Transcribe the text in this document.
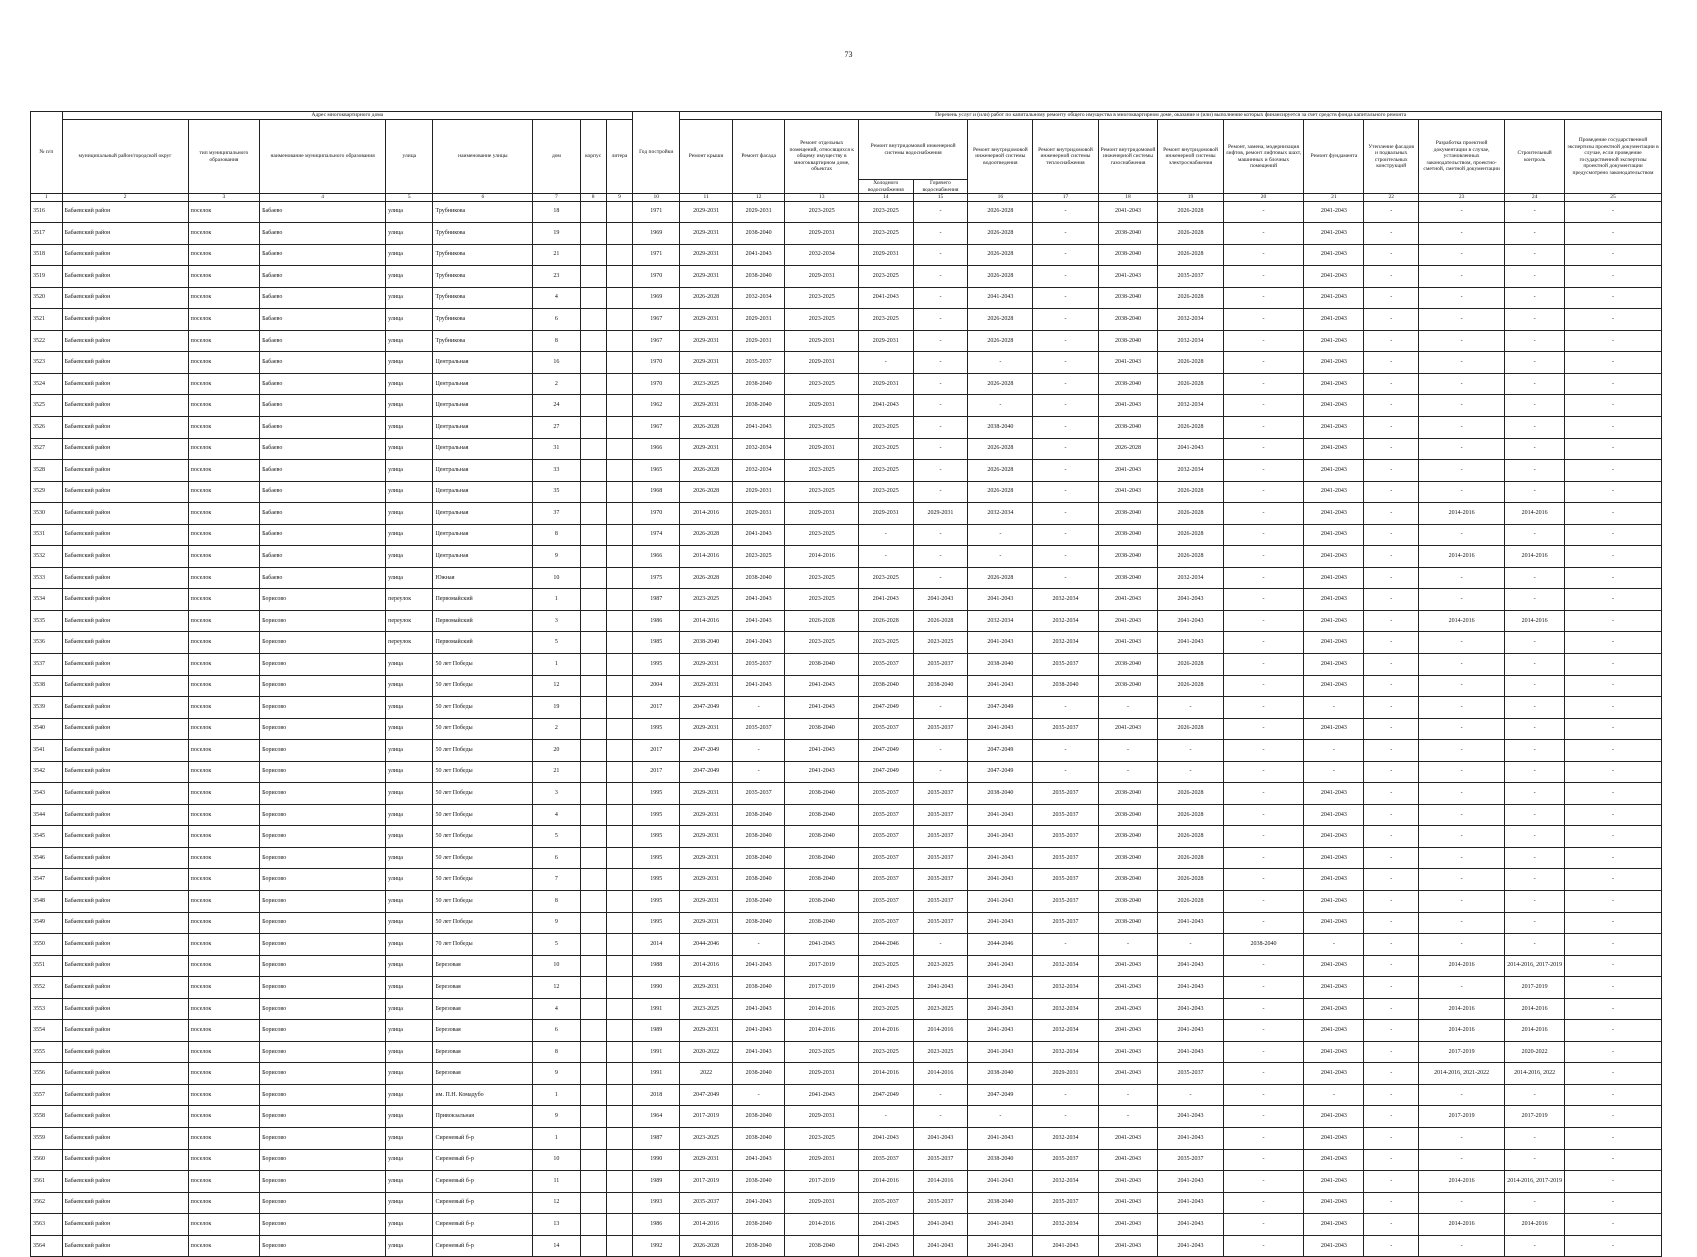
73
№ п/п	Адрес многоквартирного дома								Год постройки	Перечень услуг и (или) работ по капитальному ремонту общего имущества в многоквартирном доме, оказание и (или) выполнение которых финансируется за счет средств фонда капитального ремонта														
	муниципальный район/городской округ	тип муниципального образования	наименование муниципального образования	улица	наименование улицы	дом	корпус	литера		Ремонт крыши	Ремонт фасада	Ремонт отдельных помещений, относящихся к общему имуществу в многоквартирном доме, объектах	Ремонт внутридомовой инженерной системы водоснабжения		Ремонт внутридомовой инженерной системы водоотведения	Ремонт внутридомовой инженерной системы теплоснабжения	Ремонт внутридомовой инженерной системы газоснабжения	Ремонт внутридомовой инженерной системы электроснабжения	Ремонт, замена, модернизация лифтов, ремонт лифтовых шахт, машинных и блочных помещений	Ремонт фундамента	Утепление фасадов и подвальных строительных конструкций	Разработка проектной документации в случае, установленных законодательством, проектно-сметной, сметной документации	Строительный контроль	Проведение государственной экспертизы проектной документации в случае, если проведение государственной экспертизы проектной документации предусмотрено законодательством
													Холодного водоснабжения	Горячего водоснабжения										
1	2	3	4	5	6	7	8	9	10	11	12	13	14	15	16	17	18	19	20	21	22	23	24	25
3516	Бабаевский район	поселок	Бабаево	улица	Трубникова	18			1971	2029-2031	2029-2031	2023-2025	2023-2025	-	2026-2028	-	2041-2043	2026-2028	-	2041-2043	-	-	-	-
3517	Бабаевский район	поселок	Бабаево	улица	Трубникова	19			1969	2029-2031	2038-2040	2029-2031	2023-2025	-	2026-2028	-	2038-2040	2026-2028	-	2041-2043	-	-	-	-
3518	Бабаевский район	поселок	Бабаево	улица	Трубникова	21			1971	2029-2031	2041-2043	2032-2034	2029-2031	-	2026-2028	-	2038-2040	2026-2028	-	2041-2043	-	-	-	-
3519	Бабаевский район	поселок	Бабаево	улица	Трубникова	23			1970	2029-2031	2038-2040	2029-2031	2023-2025	-	2026-2028	-	2041-2043	2035-2037	-	2041-2043	-	-	-	-
3520	Бабаевский район	поселок	Бабаево	улица	Трубникова	4			1969	2026-2028	2032-2034	2023-2025	2041-2043	-	2041-2043	-	2038-2040	2026-2028	-	2041-2043	-	-	-	-
3521	Бабаевский район	поселок	Бабаево	улица	Трубникова	6			1967	2029-2031	2029-2031	2023-2025	2023-2025	-	2026-2028	-	2038-2040	2032-2034	-	2041-2043	-	-	-	-
3522	Бабаевский район	поселок	Бабаево	улица	Трубникова	8			1967	2029-2031	2029-2031	2029-2031	2029-2031	-	2026-2028	-	2038-2040	2032-2034	-	2041-2043	-	-	-	-
3523	Бабаевский район	поселок	Бабаево	улица	Центральная	16			1970	2029-2031	2035-2037	2029-2031	-	-	-	-	2041-2043	2026-2028	-	2041-2043	-	-	-	-
3524	Бабаевский район	поселок	Бабаево	улица	Центральная	2			1970	2023-2025	2038-2040	2023-2025	2029-2031	-	2026-2028	-	2038-2040	2026-2028	-	2041-2043	-	-	-	-
3525	Бабаевский район	поселок	Бабаево	улица	Центральная	24			1962	2029-2031	2038-2040	2029-2031	2041-2043	-	-	-	2041-2043	2032-2034	-	2041-2043	-	-	-	-
3526	Бабаевский район	поселок	Бабаево	улица	Центральная	27			1967	2026-2028	2041-2043	2023-2025	2023-2025	-	2038-2040	-	2038-2040	2026-2028	-	2041-2043	-	-	-	-
3527	Бабаевский район	поселок	Бабаево	улица	Центральная	31			1966	2029-2031	2032-2034	2029-2031	2023-2025	-	2026-2028	-	2026-2028	2041-2043	-	2041-2043	-	-	-	-
3528	Бабаевский район	поселок	Бабаево	улица	Центральная	33			1965	2026-2028	2032-2034	2023-2025	2023-2025	-	2026-2028	-	2041-2043	2032-2034	-	2041-2043	-	-	-	-
3529	Бабаевский район	поселок	Бабаево	улица	Центральная	35			1968	2026-2028	2029-2031	2023-2025	2023-2025	-	2026-2028	-	2041-2043	2026-2028	-	2041-2043	-	-	-	-
3530	Бабаевский район	поселок	Бабаево	улица	Центральная	37			1970	2014-2016	2029-2031	2029-2031	2029-2031	2029-2031	2032-2034	-	2038-2040	2026-2028	-	2041-2043	-	2014-2016	2014-2016	-
3531	Бабаевский район	поселок	Бабаево	улица	Центральная	8			1974	2026-2028	2041-2043	2023-2025	-	-	-	-	2038-2040	2026-2028	-	2041-2043	-	-	-	-
3532	Бабаевский район	поселок	Бабаево	улица	Центральная	9			1966	2014-2016	2023-2025	2014-2016	-	-	-	-	2038-2040	2026-2028	-	2041-2043	-	2014-2016	2014-2016	-
3533	Бабаевский район	поселок	Бабаево	улица	Южная	10			1975	2026-2028	2038-2040	2023-2025	2023-2025	-	2026-2028	-	2038-2040	2032-2034	-	2041-2043	-	-	-	-
3534	Бабаевский район	поселок	Борисово	переулок	Первомайский	1			1987	2023-2025	2041-2043	2023-2025	2041-2043	2041-2043	2041-2043	2032-2034	2041-2043	2041-2043	-	2041-2043	-	-	-	-
3535	Бабаевский район	поселок	Борисово	переулок	Первомайский	3			1986	2014-2016	2041-2043	2026-2028	2026-2028	2026-2028	2032-2034	2032-2034	2041-2043	2041-2043	-	2041-2043	-	2014-2016	2014-2016	-
3536	Бабаевский район	поселок	Борисово	переулок	Первомайский	5			1985	2038-2040	2041-2043	2023-2025	2023-2025	2023-2025	2041-2043	2032-2034	2041-2043	2041-2043	-	2041-2043	-	-	-	-
3537	Бабаевский район	поселок	Борисово	улица	50 лет Победы	1			1995	2029-2031	2035-2037	2038-2040	2035-2037	2035-2037	2038-2040	2035-2037	2038-2040	2026-2028	-	2041-2043	-	-	-	-
3538	Бабаевский район	поселок	Борисово	улица	50 лет Победы	12			2004	2029-2031	2041-2043	2041-2043	2038-2040	2038-2040	2041-2043	2038-2040	2038-2040	2026-2028	-	2041-2043	-	-	-	-
3539	Бабаевский район	поселок	Борисово	улица	50 лет Победы	19			2017	2047-2049	-	2041-2043	2047-2049	-	2047-2049	-	-	-	-	-	-	-	-	-
3540	Бабаевский район	поселок	Борисово	улица	50 лет Победы	2			1995	2029-2031	2035-2037	2038-2040	2035-2037	2035-2037	2041-2043	2035-2037	2041-2043	2026-2028	-	2041-2043	-	-	-	-
3541	Бабаевский район	поселок	Борисово	улица	50 лет Победы	20			2017	2047-2049	-	2041-2043	2047-2049	-	2047-2049	-	-	-	-	-	-	-	-	-
3542	Бабаевский район	поселок	Борисово	улица	50 лет Победы	21			2017	2047-2049	-	2041-2043	2047-2049	-	2047-2049	-	-	-	-	-	-	-	-	-
3543	Бабаевский район	поселок	Борисово	улица	50 лет Победы	3			1995	2029-2031	2035-2037	2038-2040	2035-2037	2035-2037	2038-2040	2035-2037	2038-2040	2026-2028	-	2041-2043	-	-	-	-
3544	Бабаевский район	поселок	Борисово	улица	50 лет Победы	4			1995	2029-2031	2038-2040	2038-2040	2035-2037	2035-2037	2041-2043	2035-2037	2038-2040	2026-2028	-	2041-2043	-	-	-	-
3545	Бабаевский район	поселок	Борисово	улица	50 лет Победы	5			1995	2029-2031	2038-2040	2038-2040	2035-2037	2035-2037	2041-2043	2035-2037	2038-2040	2026-2028	-	2041-2043	-	-	-	-
3546	Бабаевский район	поселок	Борисово	улица	50 лет Победы	6			1995	2029-2031	2038-2040	2038-2040	2035-2037	2035-2037	2041-2043	2035-2037	2038-2040	2026-2028	-	2041-2043	-	-	-	-
3547	Бабаевский район	поселок	Борисово	улица	50 лет Победы	7			1995	2029-2031	2038-2040	2038-2040	2035-2037	2035-2037	2041-2043	2035-2037	2038-2040	2026-2028	-	2041-2043	-	-	-	-
3548	Бабаевский район	поселок	Борисово	улица	50 лет Победы	8			1995	2029-2031	2038-2040	2038-2040	2035-2037	2035-2037	2041-2043	2035-2037	2038-2040	2026-2028	-	2041-2043	-	-	-	-
3549	Бабаевский район	поселок	Борисово	улица	50 лет Победы	9			1995	2029-2031	2038-2040	2038-2040	2035-2037	2035-2037	2041-2043	2035-2037	2038-2040	2041-2043	-	2041-2043	-	-	-	-
3550	Бабаевский район	поселок	Борисово	улица	70 лет Победы	5			2014	2044-2046	-	2041-2043	2044-2046	-	2044-2046	-	-	-	2038-2040	-	-	-	-	-
3551	Бабаевский район	поселок	Борисово	улица	Березовая	10			1988	2014-2016	2041-2043	2017-2019	2023-2025	2023-2025	2041-2043	2032-2034	2041-2043	2041-2043	-	2041-2043	-	2014-2016	2014-2016, 2017-2019	-
3552	Бабаевский район	поселок	Борисово	улица	Березовая	12			1990	2029-2031	2038-2040	2017-2019	2041-2043	2041-2043	2041-2043	2032-2034	2041-2043	2041-2043	-	2041-2043	-	-	2017-2019	-
3553	Бабаевский район	поселок	Борисово	улица	Березовая	4			1991	2023-2025	2041-2043	2014-2016	2023-2025	2023-2025	2041-2043	2032-2034	2041-2043	2041-2043	-	2041-2043	-	2014-2016	2014-2016	-
3554	Бабаевский район	поселок	Борисово	улица	Березовая	6			1989	2029-2031	2041-2043	2014-2016	2014-2016	2014-2016	2041-2043	2032-2034	2041-2043	2041-2043	-	2041-2043	-	2014-2016	2014-2016	-
3555	Бабаевский район	поселок	Борисово	улица	Березовая	8			1991	2020-2022	2041-2043	2023-2025	2023-2025	2023-2025	2041-2043	2032-2034	2041-2043	2041-2043	-	2041-2043	-	2017-2019	2020-2022	-
3556	Бабаевский район	поселок	Борисово	улица	Березовая	9			1991	2022	2038-2040	2029-2031	2014-2016	2014-2016	2038-2040	2029-2031	2041-2043	2035-2037	-	2041-2043	-	2014-2016, 2021-2022	2014-2016, 2022	-
3557	Бабаевский район	поселок	Борисово	улица	им. П.Н. Комадубо	1			2018	2047-2049	-	2041-2043	2047-2049	-	2047-2049	-	-	-	-	-	-	-	-	-
3558	Бабаевский район	поселок	Борисово	улица	Привокзальная	9			1964	2017-2019	2038-2040	2029-2031	-	-	-	-	-	2041-2043	-	2041-2043	-	2017-2019	2017-2019	-
3559	Бабаевский район	поселок	Борисово	улица	Сиреневый б-р	1			1987	2023-2025	2038-2040	2023-2025	2041-2043	2041-2043	2041-2043	2032-2034	2041-2043	2041-2043	-	2041-2043	-	-	-	-
3560	Бабаевский район	поселок	Борисово	улица	Сиреневый б-р	10			1990	2029-2031	2041-2043	2029-2031	2035-2037	2035-2037	2038-2040	2035-2037	2041-2043	2035-2037	-	2041-2043	-	-	-	-
3561	Бабаевский район	поселок	Борисово	улица	Сиреневый б-р	11			1989	2017-2019	2038-2040	2017-2019	2014-2016	2014-2016	2041-2043	2032-2034	2041-2043	2041-2043	-	2041-2043	-	2014-2016	2014-2016, 2017-2019	-
3562	Бабаевский район	поселок	Борисово	улица	Сиреневый б-р	12			1993	2035-2037	2041-2043	2029-2031	2035-2037	2035-2037	2038-2040	2035-2037	2041-2043	2041-2043	-	2041-2043	-	-	-	-
3563	Бабаевский район	поселок	Борисово	улица	Сиреневый б-р	13			1986	2014-2016	2038-2040	2014-2016	2041-2043	2041-2043	2041-2043	2032-2034	2041-2043	2041-2043	-	2041-2043	-	2014-2016	2014-2016	-
3564	Бабаевский район	поселок	Борисово	улица	Сиреневый б-р	14			1992	2026-2028	2038-2040	2038-2040	2041-2043	2041-2043	2041-2043	2041-2043	2041-2043	2041-2043	-	2041-2043	-	-	-	-
